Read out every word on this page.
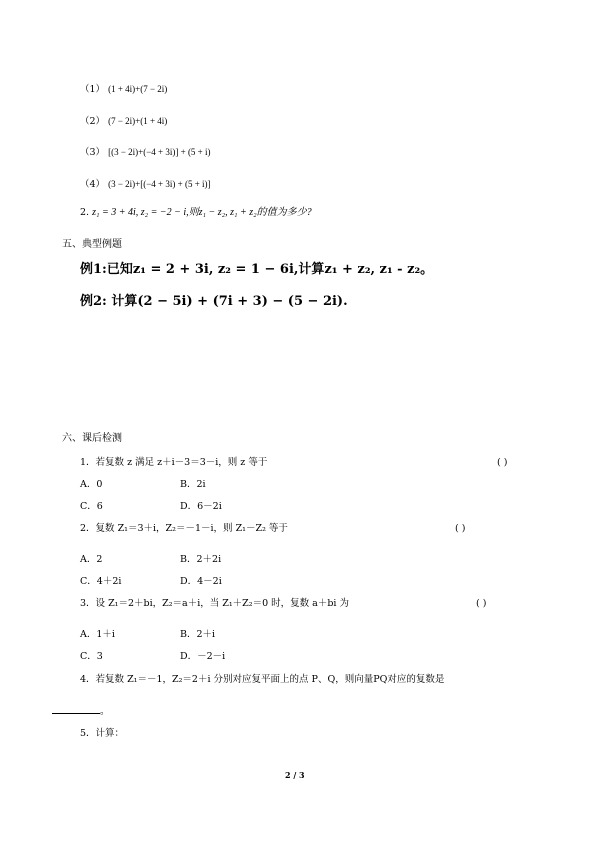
（1） (1 + 4i)+(7 − 2i)
（2） (7 − 2i)+(1 + 4i)
（3） [(3 − 2i)+(−4 + 3i)] + (5 + i)
（4） (3 − 2i)+[(−4 + 3i) + (5 + i)]
2. z₁ = 3 + 4i, z₂ = −2 − i,则z₁ − z₂, z₁ + z₂的值为多少?
五、典型例题
例1:已知z₁ = 2 + 3i, z₂ = 1 − 6i,计算z₁ + z₂, z₁ - z₂。
例2: 计算(2 − 5i) + (7i + 3) − (5 − 2i).
六、课后检测
1．若复数 z 满足 z＋i－3＝3－i，则 z 等于	( )
A．0	B．2i
C．6	D．6－2i
2．复数 Z₁＝3＋i，Z₂＝－1－i，则 Z₁－Z₂ 等于	( )
A．2	B．2＋2i
C．4＋2i	D．4－2i
3．设 Z₁＝2＋bi，Z₂＝a＋i，当 Z₁＋Z₂＝0 时，复数 a＋bi 为	( )
A．1＋i	B．2＋i
C．3	D．－2－i
4．若复数 Z₁＝－1，Z₂＝2＋i 分别对应复平面上的点 P、Q，则向量PQ对应的复数是
。
5．计算：
2 / 3
